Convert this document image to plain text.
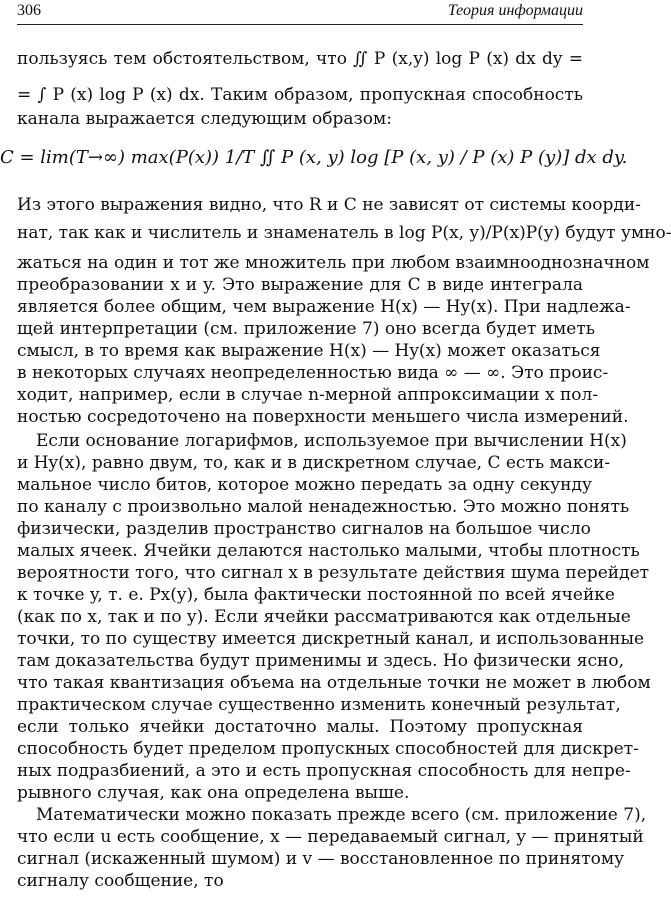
306	Теория информации
пользуясь тем обстоятельством, что ∬ P (x,y) log P (x) dx dy =
= ∫ P (x) log P (x) dx. Таким образом, пропускная способность
канала выражается следующим образом:
C = lim(T→∞) max(P(x)) 1/T ∬ P (x, y) log [P (x, y) / P (x) P (y)] dx dy.
Из этого выражения видно, что R и C не зависят от системы коорди-
нат, так как и числитель и знаменатель в log P(x, y)/P(x)P(y) будут умно-
жаться на один и тот же множитель при любом взаимнооднозначном
преобразовании x и y. Это выражение для C в виде интеграла
является более общим, чем выражение H(x) — Hy(x). При надлежа-
щей интерпретации (см. приложение 7) оно всегда будет иметь
смысл, в то время как выражение H(x) — Hy(x) может оказаться
в некоторых случаях неопределенностью вида ∞ — ∞. Это проис-
ходит, например, если в случае n-мерной аппроксимации x пол-
ностью сосредоточено на поверхности меньшего числа измерений.
Если основание логарифмов, используемое при вычислении H(x)
и Hy(x), равно двум, то, как и в дискретном случае, C есть макси-
мальное число битов, которое можно передать за одну секунду
по каналу с произвольно малой ненадежностью. Это можно понять
физически, разделив пространство сигналов на большое число
малых ячеек. Ячейки делаются настолько малыми, чтобы плотность
вероятности того, что сигнал x в результате действия шума перейдет
к точке y, т. е. Px(y), была фактически постоянной по всей ячейке
(как по x, так и по y). Если ячейки рассматриваются как отдельные
точки, то по существу имеется дискретный канал, и использованные
там доказательства будут применимы и здесь. Но физически ясно,
что такая квантизация объема на отдельные точки не может в любом
практическом случае существенно изменить конечный результат,
если только ячейки достаточно малы. Поэтому пропускная
способность будет пределом пропускных способностей для дискрет-
ных подразбиений, а это и есть пропускная способность для непре-
рывного случая, как она определена выше.
Математически можно показать прежде всего (см. приложение 7),
что если u есть сообщение, x — передаваемый сигнал, y — принятый
сигнал (искаженный шумом) и v — восстановленное по принятому
сигналу сообщение, то
